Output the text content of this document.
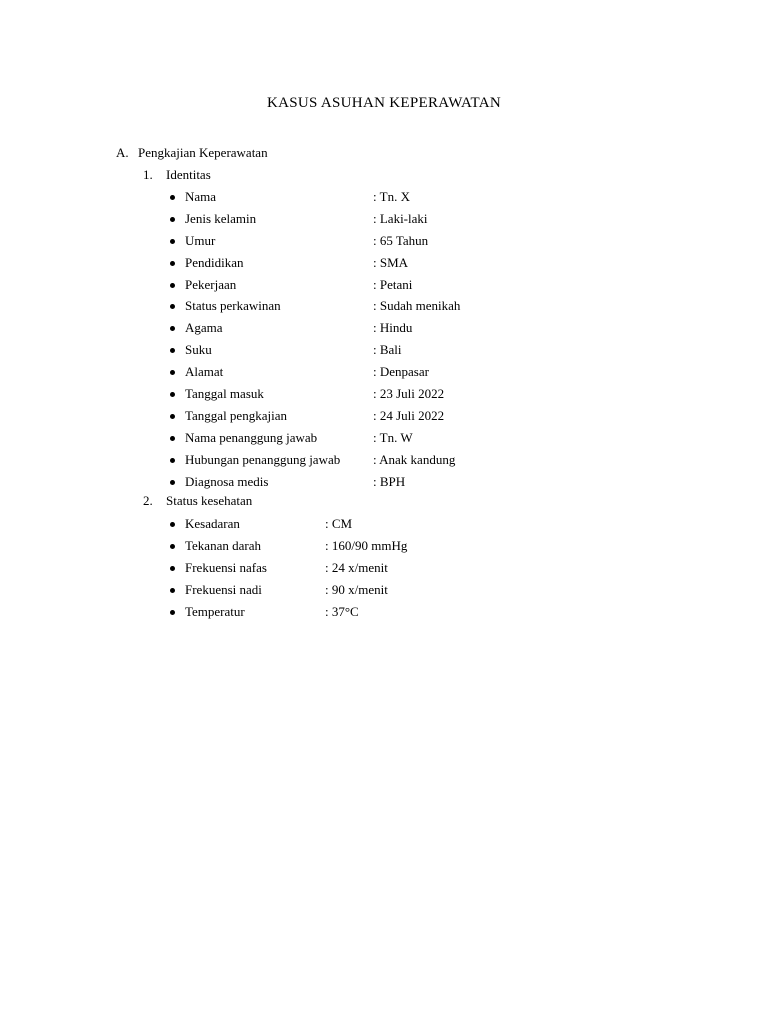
KASUS ASUHAN KEPERAWATAN
A. Pengkajian Keperawatan
1. Identitas
Nama	: Tn. X
Jenis kelamin	: Laki-laki
Umur	: 65 Tahun
Pendidikan	: SMA
Pekerjaan	: Petani
Status perkawinan	: Sudah menikah
Agama	: Hindu
Suku	: Bali
Alamat	: Denpasar
Tanggal masuk	: 23 Juli 2022
Tanggal pengkajian	: 24 Juli 2022
Nama penanggung jawab	: Tn. W
Hubungan penanggung jawab	: Anak kandung
Diagnosa medis	: BPH
2. Status kesehatan
Kesadaran	: CM
Tekanan darah	: 160/90 mmHg
Frekuensi nafas	: 24 x/menit
Frekuensi nadi	: 90 x/menit
Temperatur	: 37°C
